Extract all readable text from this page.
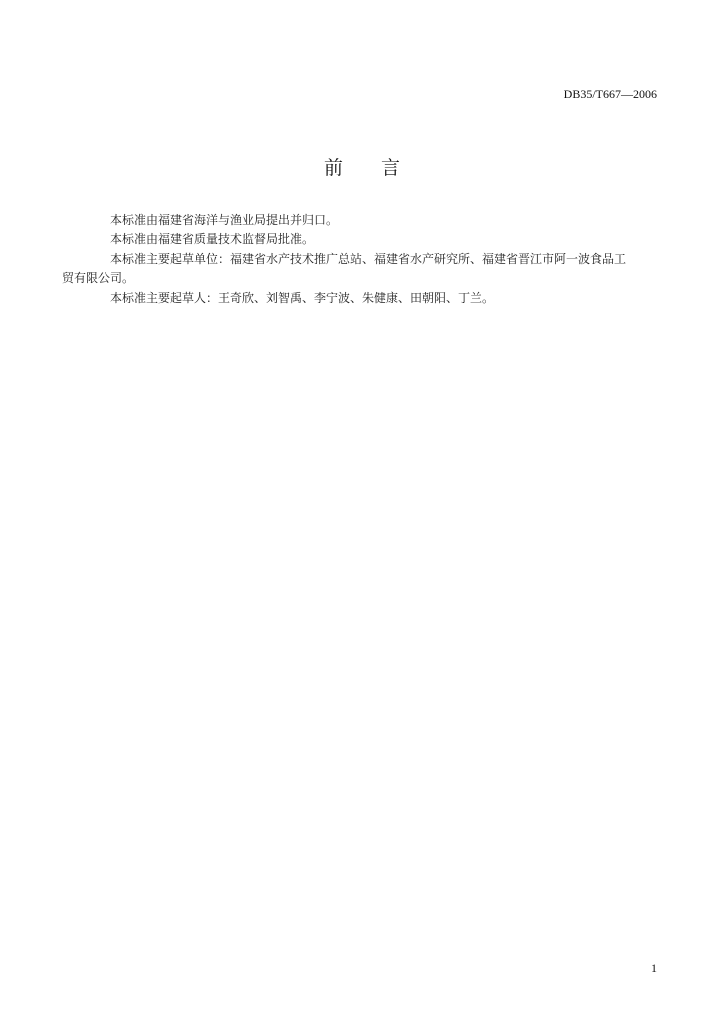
DB35/T667—2006
前 言

本标准由福建省海洋与渔业局提出并归口。

本标准由福建省质量技术监督局批准。

本标准主要起草单位：福建省水产技术推广总站、福建省水产研究所、福建省晋江市阿一波食品工
贸有限公司。

本标准主要起草人：王奇欣、刘智禹、李宁波、朱健康、田朝阳、丁兰。

1
